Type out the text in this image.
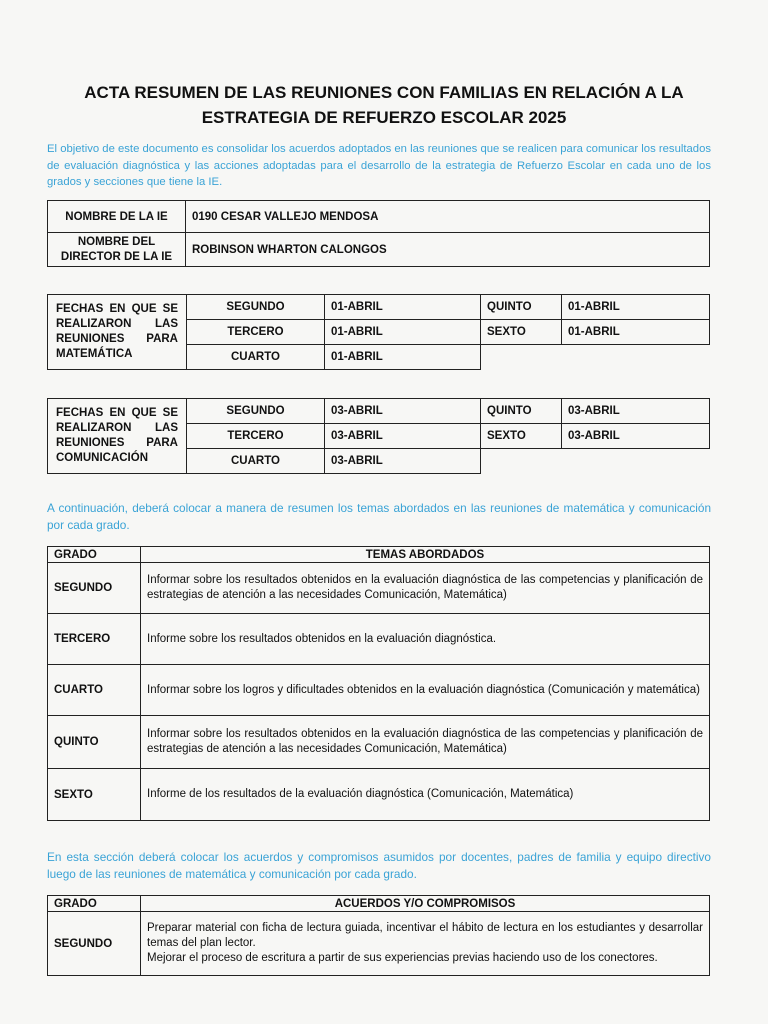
ACTA RESUMEN DE LAS REUNIONES CON FAMILIAS EN RELACIÓN A LA
ESTRATEGIA DE REFUERZO ESCOLAR 2025
El objetivo de este documento es consolidar los acuerdos adoptados en las reuniones que se realicen para comunicar los resultados de evaluación diagnóstica y las acciones adoptadas para el desarrollo de la estrategia de Refuerzo Escolar en cada uno de los grados y secciones que tiene la IE.
NOMBRE DE LA IE	0190 CESAR VALLEJO MENDOSA
NOMBRE DEL DIRECTOR DE LA IE	ROBINSON WHARTON CALONGOS
FECHAS EN QUE SE REALIZARON LAS REUNIONES PARA MATEMÁTICA	SEGUNDO	01-ABRIL	QUINTO	01-ABRIL
	TERCERO	01-ABRIL	SEXTO	01-ABRIL
	CUARTO	01-ABRIL		
FECHAS EN QUE SE REALIZARON LAS REUNIONES PARA COMUNICACIÓN	SEGUNDO	03-ABRIL	QUINTO	03-ABRIL
	TERCERO	03-ABRIL	SEXTO	03-ABRIL
	CUARTO	03-ABRIL		
A continuación, deberá colocar a manera de resumen los temas abordados en las reuniones de matemática y comunicación por cada grado.
GRADO	TEMAS ABORDADOS
SEGUNDO	Informar sobre los resultados obtenidos en la evaluación diagnóstica de las competencias y planificación de estrategias de atención a las necesidades Comunicación, Matemática)
TERCERO	Informe sobre los resultados obtenidos en la evaluación diagnóstica.
CUARTO	Informar sobre los logros y dificultades obtenidos en la evaluación diagnóstica (Comunicación y matemática)
QUINTO	Informar sobre los resultados obtenidos en la evaluación diagnóstica de las competencias y planificación de estrategias de atención a las necesidades Comunicación, Matemática)
SEXTO	Informe de los resultados de la evaluación diagnóstica (Comunicación, Matemática)
En esta sección deberá colocar los acuerdos y compromisos asumidos por docentes, padres de familia y equipo directivo luego de las reuniones de matemática y comunicación por cada grado.
GRADO	ACUERDOS Y/O COMPROMISOS
SEGUNDO	Preparar material con ficha de lectura guiada, incentivar el hábito de lectura en los estudiantes y desarrollar temas del plan lector.
Mejorar el proceso de escritura a partir de sus experiencias previas haciendo uso de los conectores.
